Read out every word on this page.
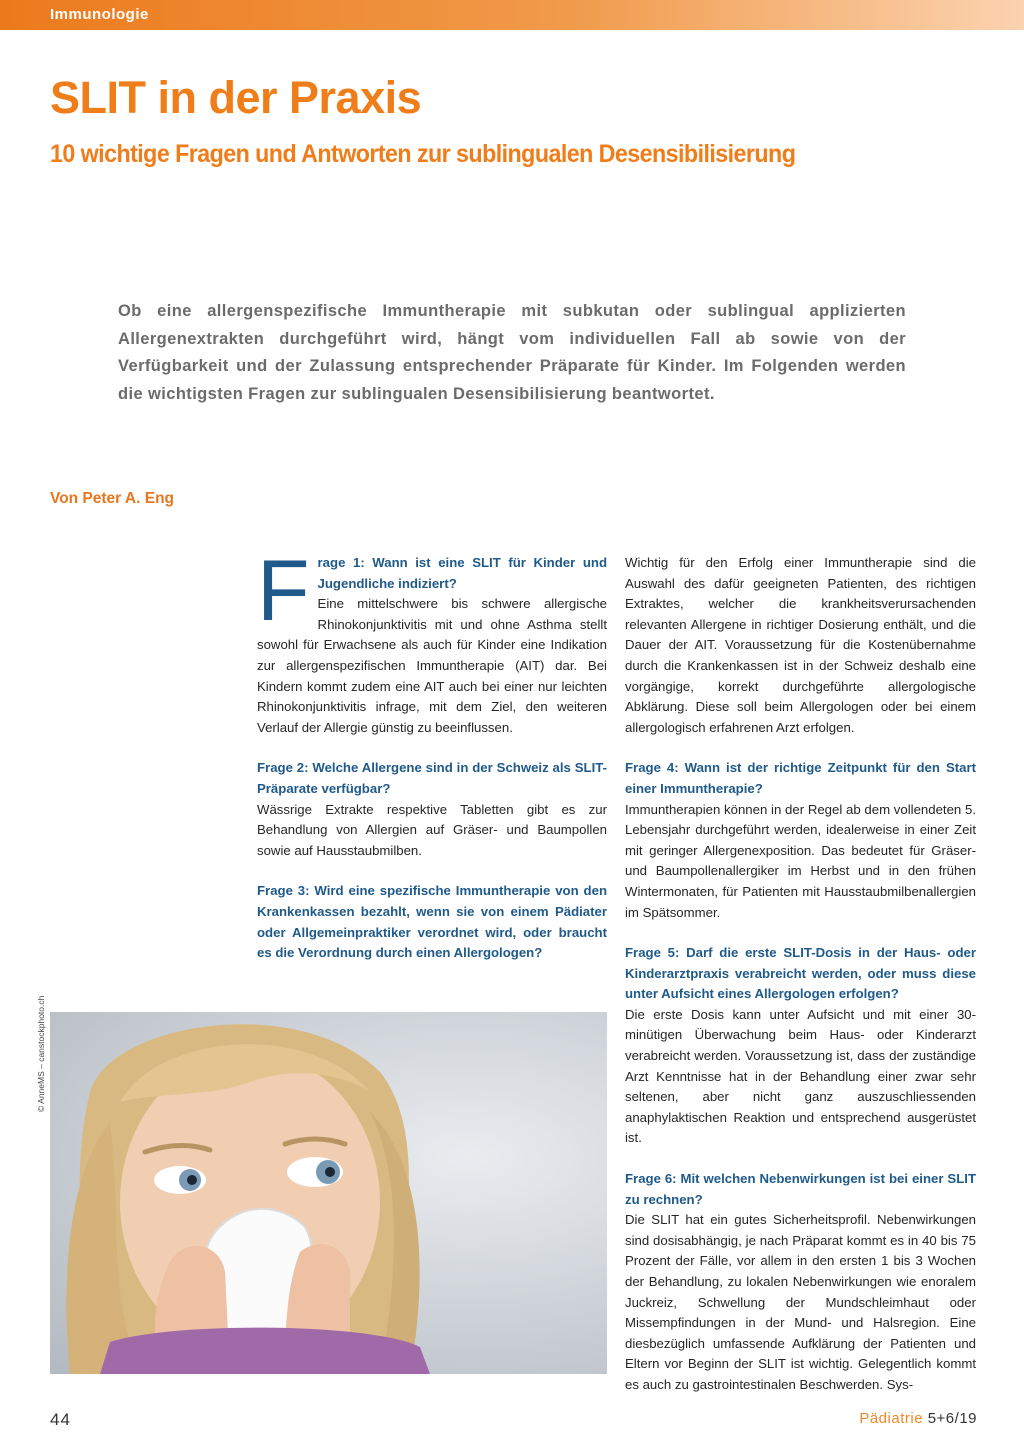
Immunologie
SLIT in der Praxis
10 wichtige Fragen und Antworten zur sublingualen Desensibilisierung

Ob eine allergenspezifische Immuntherapie mit subkutan oder sublingual applizierten Allergenextrakten durchgeführt wird, hängt vom individuellen Fall ab sowie von der Verfügbarkeit und der Zulassung entsprechender Präparate für Kinder. Im Folgenden werden die wichtigsten Fragen zur sublingualen Desensibilisierung beantwortet.

Von Peter A. Eng
F rage 1: Wann ist eine SLIT für Kinder und Jugendliche indiziert?

Eine mittelschwere bis schwere allergische Rhinokonjunktivitis mit und ohne Asthma stellt sowohl für Erwachsene als auch für Kinder eine Indikation zur allergenspezifischen Immuntherapie (AIT) dar. Bei Kindern kommt zudem eine AIT auch bei einer nur leichten Rhinokonjunktivitis infrage, mit dem Ziel, den weiteren Verlauf der Allergie günstig zu beeinflussen.

Frage 2: Welche Allergene sind in der Schweiz als SLIT-Präparate verfügbar?

Wässrige Extrakte respektive Tabletten gibt es zur Behandlung von Allergien auf Gräser- und Baumpollen sowie auf Hausstaubmilben.

Frage 3: Wird eine spezifische Immuntherapie von den Krankenkassen bezahlt, wenn sie von einem Pädiater oder Allgemeinpraktiker verordnet wird, oder braucht es die Verordnung durch einen Allergologen?

Wichtig für den Erfolg einer Immuntherapie sind die Auswahl des dafür geeigneten Patienten, des richtigen Extraktes, welcher die krankheitsverursachenden relevanten Allergene in richtiger Dosierung enthält, und die Dauer der AIT. Voraussetzung für die Kostenübernahme durch die Krankenkassen ist in der Schweiz deshalb eine vorgängige, korrekt durchgeführte allergologische Abklärung. Diese soll beim Allergologen oder bei einem allergologisch erfahrenen Arzt erfolgen.

Frage 4: Wann ist der richtige Zeitpunkt für den Start einer Immuntherapie?

Immuntherapien können in der Regel ab dem vollendeten 5. Lebensjahr durchgeführt werden, idealerweise in einer Zeit mit geringer Allergenexposition. Das bedeutet für Gräser- und Baumpollenallergiker im Herbst und in den frühen Wintermonaten, für Patienten mit Hausstaubmilbenallergien im Spätsommer.

Frage 5: Darf die erste SLIT-Dosis in der Haus- oder Kinderarztpraxis verabreicht werden, oder muss diese unter Aufsicht eines Allergologen erfolgen?

Die erste Dosis kann unter Aufsicht und mit einer 30-minütigen Überwachung beim Haus- oder Kinderarzt verabreicht werden. Voraussetzung ist, dass der zuständige Arzt Kenntnisse hat in der Behandlung einer zwar sehr seltenen, aber nicht ganz auszuschliessenden anaphylaktischen Reaktion und entsprechend ausgerüstet ist.

Frage 6: Mit welchen Nebenwirkungen ist bei einer SLIT zu rechnen?

Die SLIT hat ein gutes Sicherheitsprofil. Nebenwirkungen sind dosisabhängig, je nach Präparat kommt es in 40 bis 75 Prozent der Fälle, vor allem in den ersten 1 bis 3 Wochen der Behandlung, zu lokalen Nebenwirkungen wie enoralem Juckreiz, Schwellung der Mundschleimhaut oder Missempfindungen in der Mund- und Halsregion. Eine diesbezüglich umfassende Aufklärung der Patienten und Eltern vor Beginn der SLIT ist wichtig. Gelegentlich kommt es auch zu gastrointestinalen Beschwerden. Sys-

© AnneMS – canstockphoto.ch
44	Pädiatrie 5+6/19
